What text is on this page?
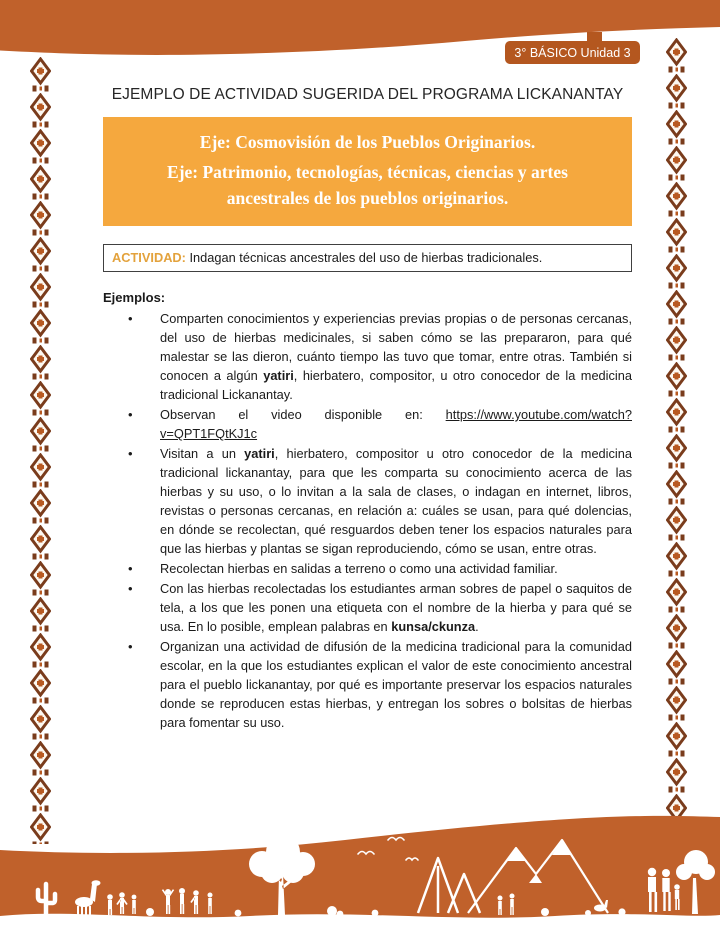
3° BÁSICO Unidad 3
EJEMPLO DE ACTIVIDAD SUGERIDA DEL PROGRAMA LICKANANTAY

Eje: Cosmovisión de los Pueblos Originarios.

Eje: Patrimonio, tecnologías, técnicas, ciencias y artes ancestrales de los pueblos originarios.

ACTIVIDAD: Indagan técnicas ancestrales del uso de hierbas tradicionales.

Ejemplos:

• Comparten conocimientos y experiencias previas propias o de personas cercanas, del uso de hierbas medicinales, si saben cómo se las prepararon, para qué malestar se las dieron, cuánto tiempo las tuvo que tomar, entre otras. También si conocen a algún yatiri, hierbatero, compositor, u otro conocedor de la medicina tradicional Lickanantay.
• Observan el video disponible en: https://www.youtube.com/watch?v=QPT1FQtKJ1c
• Visitan a un yatiri, hierbatero, compositor u otro conocedor de la medicina tradicional lickanantay, para que les comparta su conocimiento acerca de las hierbas y su uso, o lo invitan a la sala de clases, o indagan en internet, libros, revistas o personas cercanas, en relación a: cuáles se usan, para qué dolencias, en dónde se recolectan, qué resguardos deben tener los espacios naturales para que las hierbas y plantas se sigan reproduciendo, cómo se usan, entre otras.
• Recolectan hierbas en salidas a terreno o como una actividad familiar.
• Con las hierbas recolectadas los estudiantes arman sobres de papel o saquitos de tela, a los que les ponen una etiqueta con el nombre de la hierba y para qué se usa. En lo posible, emplean palabras en kunsa/ckunza.
• Organizan una actividad de difusión de la medicina tradicional para la comunidad escolar, en la que los estudiantes explican el valor de este conocimiento ancestral para el pueblo lickanantay, por qué es importante preservar los espacios naturales donde se reproducen estas hierbas, y entregan los sobres o bolsitas de hierbas para fomentar su uso.
